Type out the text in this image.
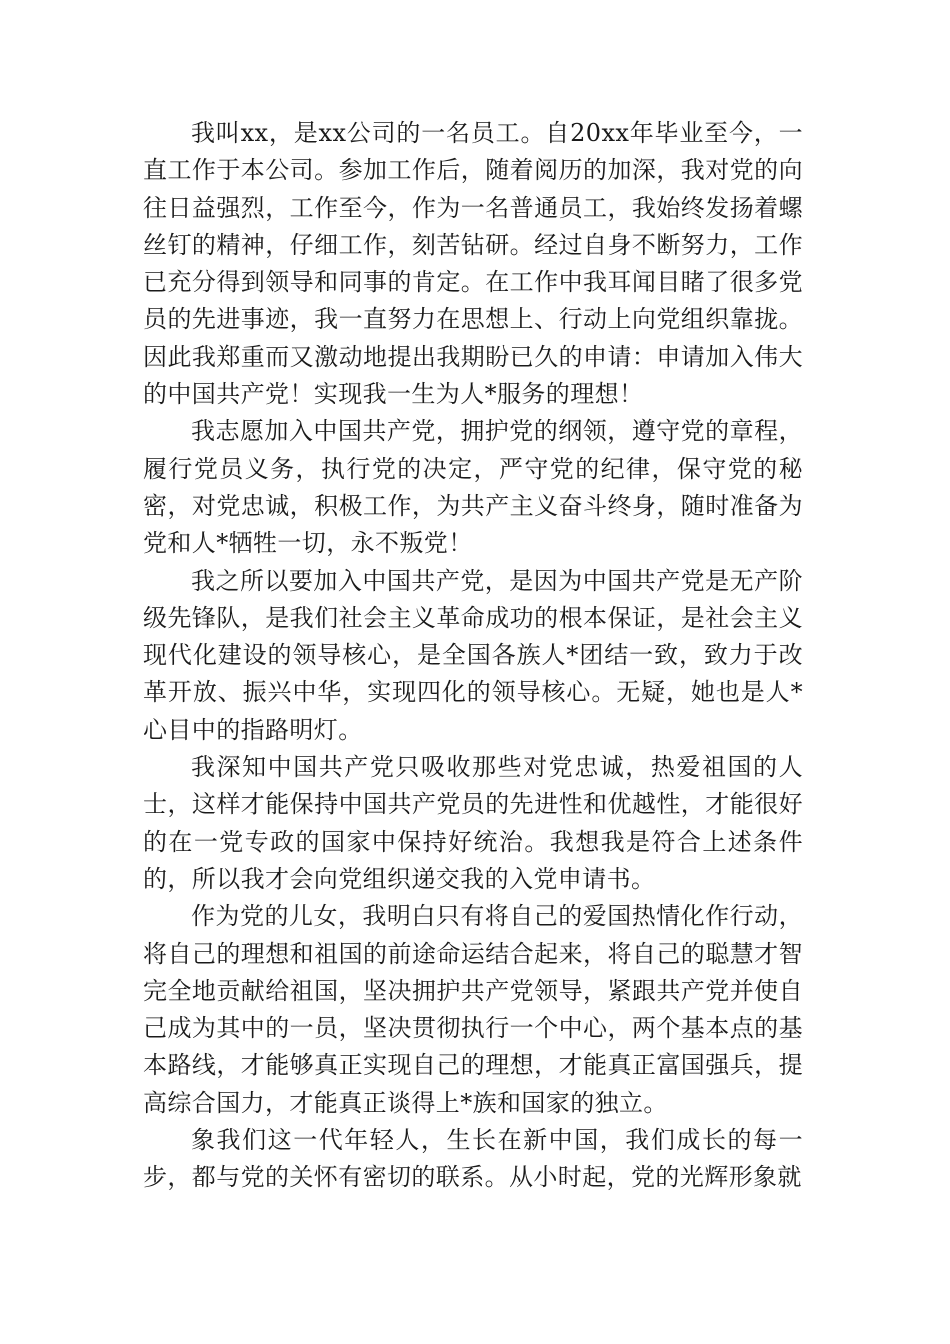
我叫xx，是xx公司的一名员工。自20xx年毕业至今，一直工作于本公司。参加工作后，随着阅历的加深，我对党的向往日益强烈，工作至今，作为一名普通员工，我始终发扬着螺丝钉的精神，仔细工作，刻苦钻研。经过自身不断努力，工作已充分得到领导和同事的肯定。在工作中我耳闻目睹了很多党员的先进事迹，我一直努力在思想上、行动上向党组织靠拢。因此我郑重而又激动地提出我期盼已久的申请：申请加入伟大的中国共产党！实现我一生为人*服务的理想！

我志愿加入中国共产党，拥护党的纲领，遵守党的章程，履行党员义务，执行党的决定，严守党的纪律，保守党的秘密，对党忠诚，积极工作，为共产主义奋斗终身，随时准备为党和人*牺牲一切，永不叛党！

我之所以要加入中国共产党，是因为中国共产党是无产阶级先锋队，是我们社会主义革命成功的根本保证，是社会主义现代化建设的领导核心，是全国各族人*团结一致，致力于改革开放、振兴中华，实现四化的领导核心。无疑，她也是人*心目中的指路明灯。

我深知中国共产党只吸收那些对党忠诚，热爱祖国的人士，这样才能保持中国共产党员的先进性和优越性，才能很好的在一党专政的国家中保持好统治。我想我是符合上述条件的，所以我才会向党组织递交我的入党申请书。

作为党的儿女，我明白只有将自己的爱国热情化作行动，将自己的理想和祖国的前途命运结合起来，将自己的聪慧才智完全地贡献给祖国，坚决拥护共产党领导，紧跟共产党并使自己成为其中的一员，坚决贯彻执行一个中心，两个基本点的基本路线，才能够真正实现自己的理想，才能真正富国强兵，提高综合国力，才能真正谈得上*族和国家的独立。

象我们这一代年轻人，生长在新中国，我们成长的每一步，都与党的关怀有密切的联系。从小时起，党的光辉形象就
